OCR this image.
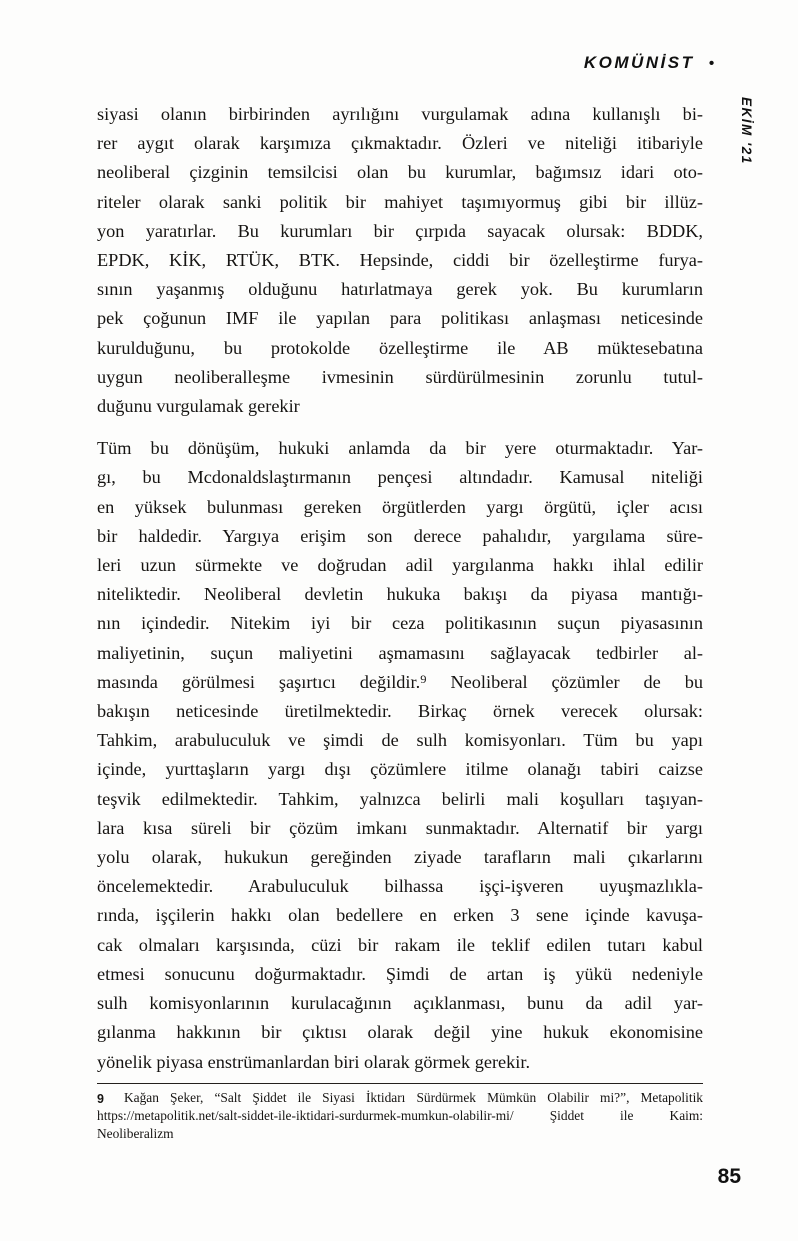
KOMÜNİST •
EKİM '21
siyasi olanın birbirinden ayrılığını vurgulamak adına kullanışlı bi-
rer aygıt olarak karşımıza çıkmaktadır. Özleri ve niteliği itibariyle
neoliberal çizginin temsilcisi olan bu kurumlar, bağımsız idari oto-
riteler olarak sanki politik bir mahiyet taşımıyormuş gibi bir illüz-
yon yaratırlar. Bu kurumları bir çırpıda sayacak olursak: BDDK,
EPDK, KİK, RTÜK, BTK. Hepsinde, ciddi bir özelleştirme furya-
sının yaşanmış olduğunu hatırlatmaya gerek yok. Bu kurumların
pek çoğunun IMF ile yapılan para politikası anlaşması neticesinde
kurulduğunu, bu protokolde özelleştirme ile AB müktesebatına
uygun neoliberalleşme ivmesinin sürdürülmesinin zorunlu tutul-
duğunu vurgulamak gerekir
Tüm bu dönüşüm, hukuki anlamda da bir yere oturmaktadır. Yar-
gı, bu Mcdonaldslaştırmanın pençesi altındadır. Kamusal niteliği
en yüksek bulunması gereken örgütlerden yargı örgütü, içler acısı
bir haldedir. Yargıya erişim son derece pahalıdır, yargılama süre-
leri uzun sürmekte ve doğrudan adil yargılanma hakkı ihlal edilir
niteliktedir. Neoliberal devletin hukuka bakışı da piyasa mantığı-
nın içindedir. Nitekim iyi bir ceza politikasının suçun piyasasının
maliyetinin, suçun maliyetini aşmamasını sağlayacak tedbirler al-
masında görülmesi şaşırtıcı değildir.⁹ Neoliberal çözümler de bu
bakışın neticesinde üretilmektedir. Birkaç örnek verecek olursak:
Tahkim, arabuluculuk ve şimdi de sulh komisyonları. Tüm bu yapı
içinde, yurttaşların yargı dışı çözümlere itilme olanağı tabiri caizse
teşvik edilmektedir. Tahkim, yalnızca belirli mali koşulları taşıyan-
lara kısa süreli bir çözüm imkanı sunmaktadır. Alternatif bir yargı
yolu olarak, hukukun gereğinden ziyade tarafların mali çıkarlarını
öncelemektedir. Arabuluculuk bilhassa işçi-işveren uyuşmazlıkla-
rında, işçilerin hakkı olan bedellere en erken 3 sene içinde kavuşa-
cak olmaları karşısında, cüzi bir rakam ile teklif edilen tutarı kabul
etmesi sonucunu doğurmaktadır. Şimdi de artan iş yükü nedeniyle
sulh komisyonlarının kurulacağının açıklanması, bunu da adil yar-
gılanma hakkının bir çıktısı olarak değil yine hukuk ekonomisine
yönelik piyasa enstrümanlardan biri olarak görmek gerekir.
9	Kağan Şeker, “Salt Şiddet ile Siyasi İktidarı Sürdürmek Mümkün Olabilir mi?”, Metapolitik
https://metapolitik.net/salt-siddet-ile-iktidari-surdurmek-mumkun-olabilir-mi/ Şiddet ile Kaim:
Neoliberalizm
85
